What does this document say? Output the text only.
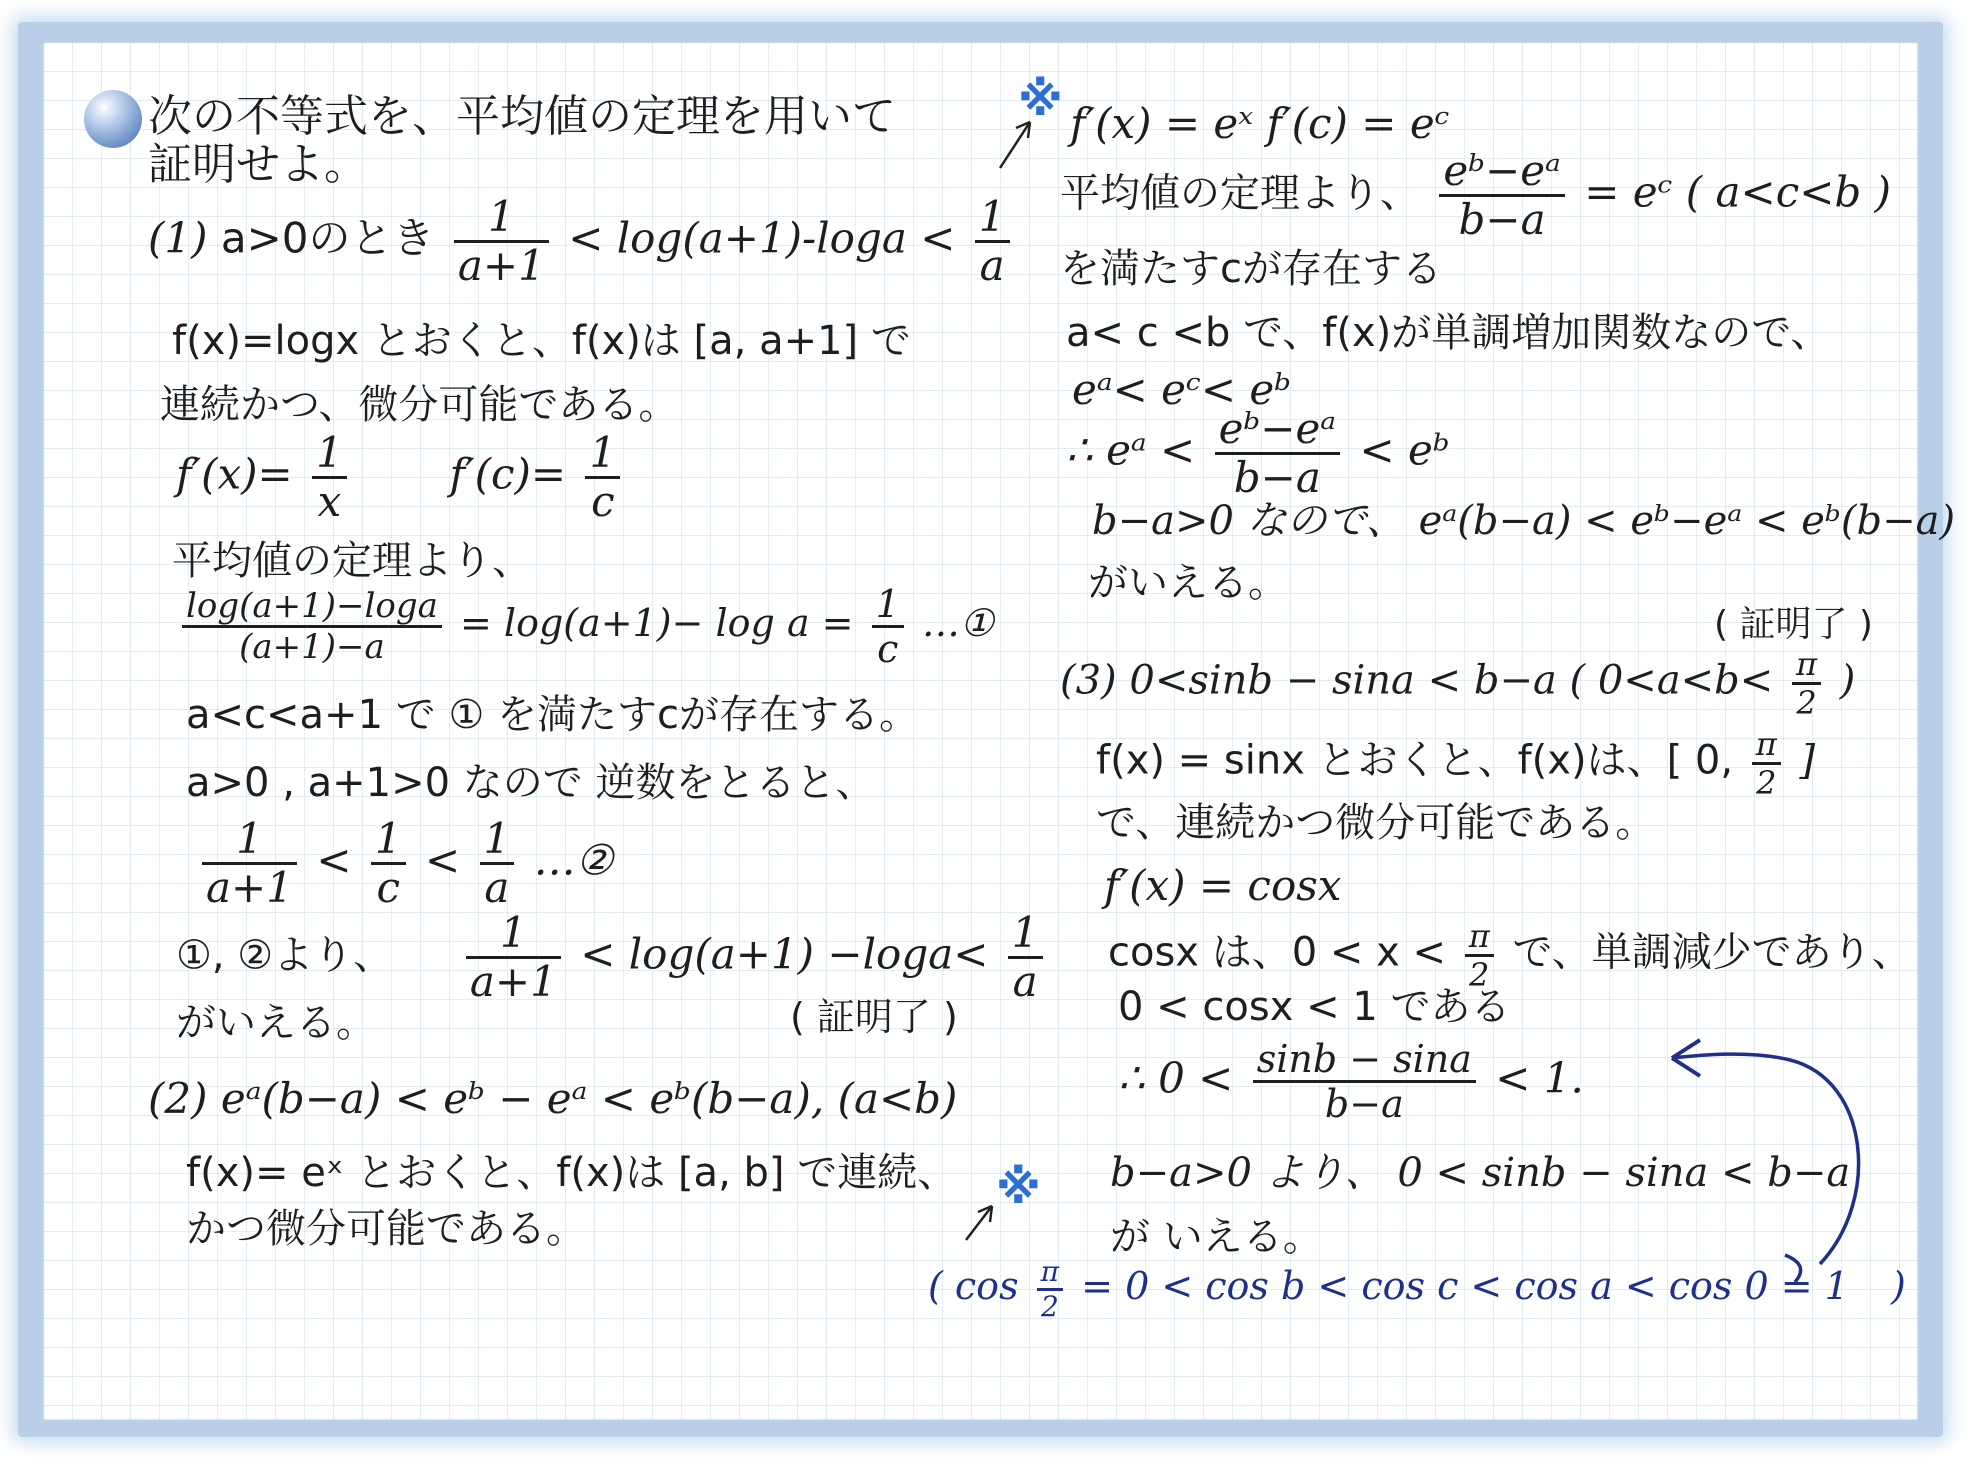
次の不等式を、平均値の定理を用いて
証明せよ。
(1) a>0のとき $\frac{1}{a+1} < \log(a+1)-\log a < \frac{1}{a}$
f(x)=logx とおくと、f(x)は [a, a+1] で
連続かつ、微分可能である。
$f'(x)= \frac{1}{x} f'(c)= \frac{1}{c}$
平均値の定理より、
$\frac{\log(a+1)-\log a}{(a+1)-a} = \log(a+1)- \log a = \frac{1}{c}$ …①
a<c<a+1 で ① を満たすcが存在する。
a>0 , a+1>0 なので 逆数をとると、
$\frac{1}{a+1} < \frac{1}{c} < \frac{1}{a}$ …②
①, ②より、 $\frac{1}{a+1} < \log(a+1) -\log a< \frac{1}{a}$
がいえる。	( 証明了 )
(2) eᵃ(b−a) < eᵇ − eᵃ < eᵇ(b−a), (a<b)
f(x)= eˣ とおくと、f(x)は [a, b] で連続、
かつ微分可能である。
※ f′(x) = eˣ f′(c) = eᶜ
平均値の定理より、 $\frac{\text{eᵇ−eᵃ}}{b-a}$ = eᶜ ( a<c<b )
を満たすcが存在する
a< c <b で、f(x)が単調増加関数なので、
eᵃ< eᶜ< eᵇ
∴ eᵃ < $\frac{\text{eᵇ−eᵃ}}{b-a}$ < eᵇ
b−a>0 なので、 eᵃ(b−a) < eᵇ−eᵃ < eᵇ(b−a)
がいえる。
( 証明了 )
(3) 0<sinb − sina < b−a ( $0<a<b< \frac{\pi}{2}$ )
f(x) = sinx とおくと、f(x)は、[ 0, $\frac{\pi}{2}$ ]
で、連続かつ微分可能である。
f′(x) = cosx
cosx は、$0 < x < \frac{\pi}{2}$ で、単調減少であり、
0 < cosx < 1 である
∴ $0 < \frac{\sin b - \sin a}{b-a} < 1$.
b−a>0 より、 0 < sinb − sina < b−a
が いえる。
※
( $\cos \frac{\pi}{2} = 0 < \cos b < \cos c < \cos a < \cos 0 = 1$ )
